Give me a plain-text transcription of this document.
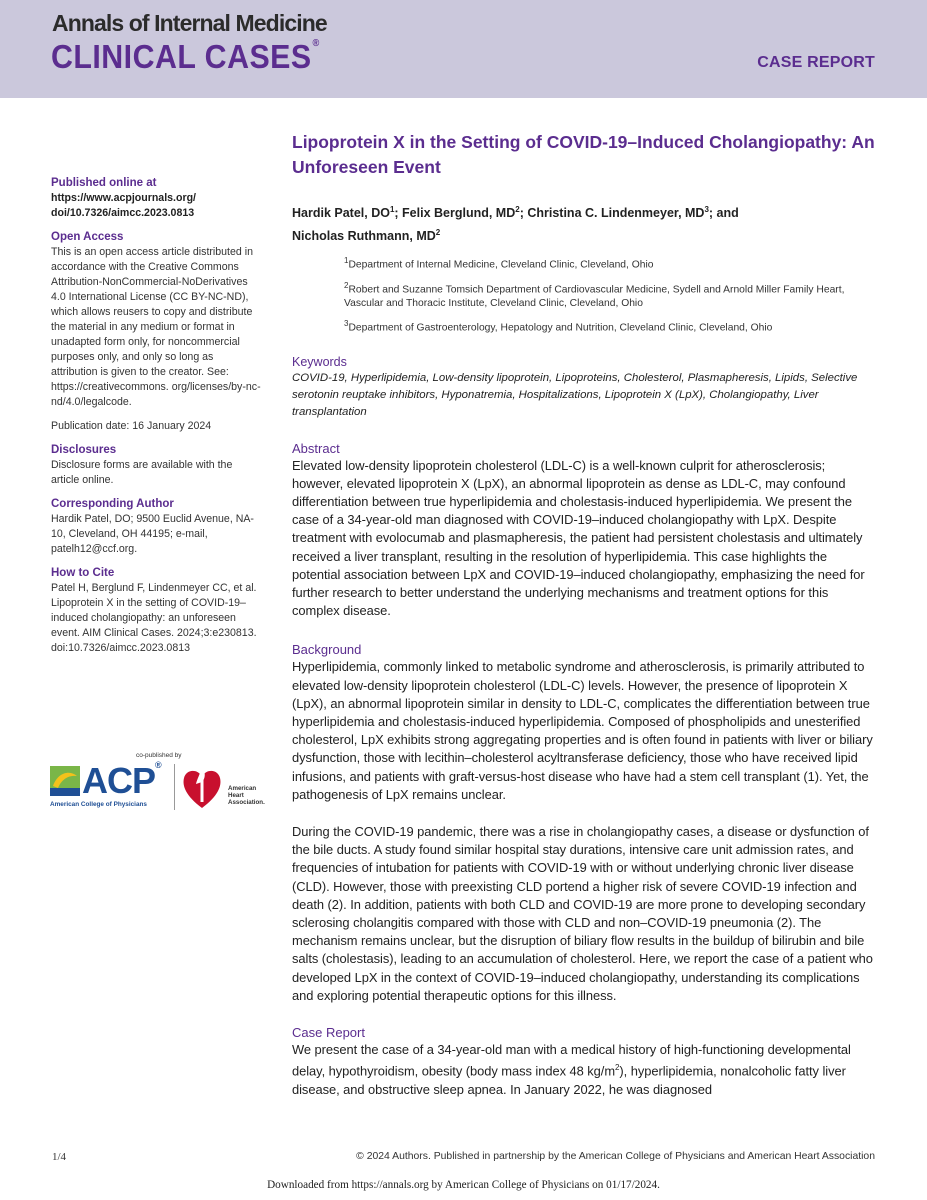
Annals of Internal Medicine
CLINICAL CASES®
CASE REPORT
Published online at
https://www.acpjournals.org/ doi/10.7326/aimcc.2023.0813
Open Access
This is an open access article distributed in accordance with the Creative Commons Attribution-NonCommercial-NoDerivatives 4.0 International License (CC BY-NC-ND), which allows reusers to copy and distribute the material in any medium or format in unadapted form only, for noncommercial purposes only, and only so long as attribution is given to the creator. See: https://creativecommons. org/licenses/by-nc-nd/4.0/legalcode.
Publication date: 16 January 2024
Disclosures
Disclosure forms are available with the article online.
Corresponding Author
Hardik Patel, DO; 9500 Euclid Avenue, NA-10, Cleveland, OH 44195; e-mail, patelh12@ccf.org.
How to Cite
Patel H, Berglund F, Lindenmeyer CC, et al. Lipoprotein X in the setting of COVID-19–induced cholangiopathy: an unforeseen event. AIM Clinical Cases. 2024;3:e230813. doi:10.7326/aimcc.2023.0813
co-published by
ACP®
American College of Physicians
American
Heart
Association.
Lipoprotein X in the Setting of COVID-19–Induced Cholangiopathy: An Unforeseen Event
Hardik Patel, $DO^1$; Felix Berglund, $MD^2$; Christina C. Lindenmeyer, $MD^3$; and
Nicholas Ruthmann, $MD^2$
$^1$Department of Internal Medicine, Cleveland Clinic, Cleveland, Ohio
$^2$Robert and Suzanne Tomsich Department of Cardiovascular Medicine, Sydell and Arnold Miller Family Heart, Vascular and Thoracic Institute, Cleveland Clinic, Cleveland, Ohio
$^3$Department of Gastroenterology, Hepatology and Nutrition, Cleveland Clinic, Cleveland, Ohio
Keywords
COVID-19, Hyperlipidemia, Low-density lipoprotein, Lipoproteins, Cholesterol, Plasmapheresis, Lipids, Selective serotonin reuptake inhibitors, Hyponatremia, Hospitalizations, Lipoprotein X (LpX), Cholangiopathy, Liver transplantation
Abstract

Elevated low-density lipoprotein cholesterol (LDL-C) is a well-known culprit for atherosclerosis; however, elevated lipoprotein X (LpX), an abnormal lipoprotein as dense as LDL-C, may confound differentiation between true hyperlipidemia and cholestasis-induced hyperlipidemia. We present the case of a 34-year-old man diagnosed with COVID-19–induced cholangiopathy with LpX. Despite treatment with evolocumab and plasmapheresis, the patient had persistent cholestasis and ultimately received a liver transplant, resulting in the resolution of hyperlipidemia. This case highlights the potential association between LpX and COVID-19–induced cholangiopathy, emphasizing the need for further research to better understand the underlying mechanisms and treatment options for this complex disease.

Background

Hyperlipidemia, commonly linked to metabolic syndrome and atherosclerosis, is primarily attributed to elevated low-density lipoprotein cholesterol (LDL-C) levels. However, the presence of lipoprotein X (LpX), an abnormal lipoprotein similar in density to LDL-C, complicates the differentiation between true hyperlipidemia and cholestasis-induced hyperlipidemia. Composed of phospholipids and unesterified cholesterol, LpX exhibits strong aggregating properties and is often found in patients with liver or biliary dysfunction, those with lecithin–cholesterol acyltransferase deficiency, those who have received lipid infusions, and patients with graft-versus-host disease who have had a stem cell transplant (1). Yet, the pathogenesis of LpX remains unclear.

During the COVID-19 pandemic, there was a rise in cholangiopathy cases, a disease or dysfunction of the bile ducts. A study found similar hospital stay durations, intensive care unit admission rates, and frequencies of intubation for patients with COVID-19 with or without underlying chronic liver disease (CLD). However, those with preexisting CLD portend a higher risk of severe COVID-19 infection and death (2). In addition, patients with both CLD and COVID-19 are more prone to developing secondary sclerosing cholangitis compared with those with CLD and non–COVID-19 pneumonia (2). The mechanism remains unclear, but the disruption of biliary flow results in the buildup of bilirubin and bile salts (cholestasis), leading to an accumulation of cholesterol. Here, we report the case of a patient who developed LpX in the context of COVID-19–induced cholangiopathy, understanding its complications and exploring potential therapeutic options for this illness.

Case Report

We present the case of a 34-year-old man with a medical history of high-functioning developmental delay, hypothyroidism, obesity (body mass index 48 $kg/m^2$), hyperlipidemia, nonalcoholic fatty liver disease, and obstructive sleep apnea. In January 2022, he was diagnosed

1/4	© 2024 Authors. Published in partnership by the American College of Physicians and American Heart Association
Downloaded from https://annals.org by American College of Physicians on 01/17/2024.
